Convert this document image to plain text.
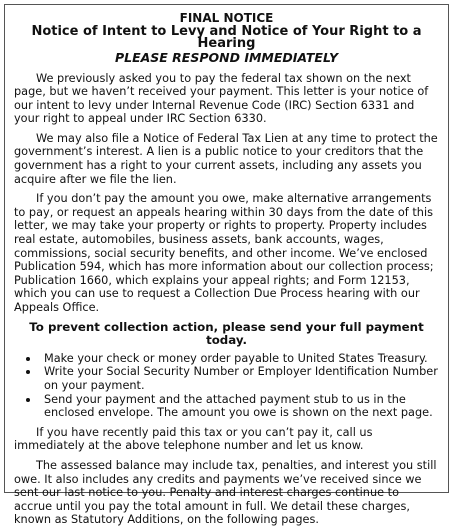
FINAL NOTICE
Notice of Intent to Levy and Notice of Your Right to a Hearing
PLEASE RESPOND IMMEDIATELY

We previously asked you to pay the federal tax shown on the next page, but we haven’t received your payment. This letter is your notice of our intent to levy under Internal Revenue Code (IRC) Section 6331 and your right to appeal under IRC Section 6330.

We may also file a Notice of Federal Tax Lien at any time to protect the government’s interest. A lien is a public notice to your creditors that the government has a right to your current assets, including any assets you acquire after we file the lien.

If you don’t pay the amount you owe, make alternative arrangements to pay, or request an appeals hearing within 30 days from the date of this letter, we may take your property or rights to property. Property includes real estate, automobiles, business assets, bank accounts, wages, commissions, social security benefits, and other income. We’ve enclosed Publication 594, which has more information about our collection process; Publication 1660, which explains your appeal rights; and Form 12153, which you can use to request a Collection Due Process hearing with our Appeals Office.

To prevent collection action, please send your full payment today.
• Make your check or money order payable to United States Treasury.
• Write your Social Security Number or Employer Identification Number on your payment.
• Send your payment and the attached payment stub to us in the enclosed envelope. The amount you owe is shown on the next page.

If you have recently paid this tax or you can’t pay it, call us immediately at the above telephone number and let us know.

The assessed balance may include tax, penalties, and interest you still owe. It also includes any credits and payments we’ve received since we sent our last notice to you. Penalty and interest charges continue to accrue until you pay the total amount in full. We detail these charges, known as Statutory Additions, on the following pages.
